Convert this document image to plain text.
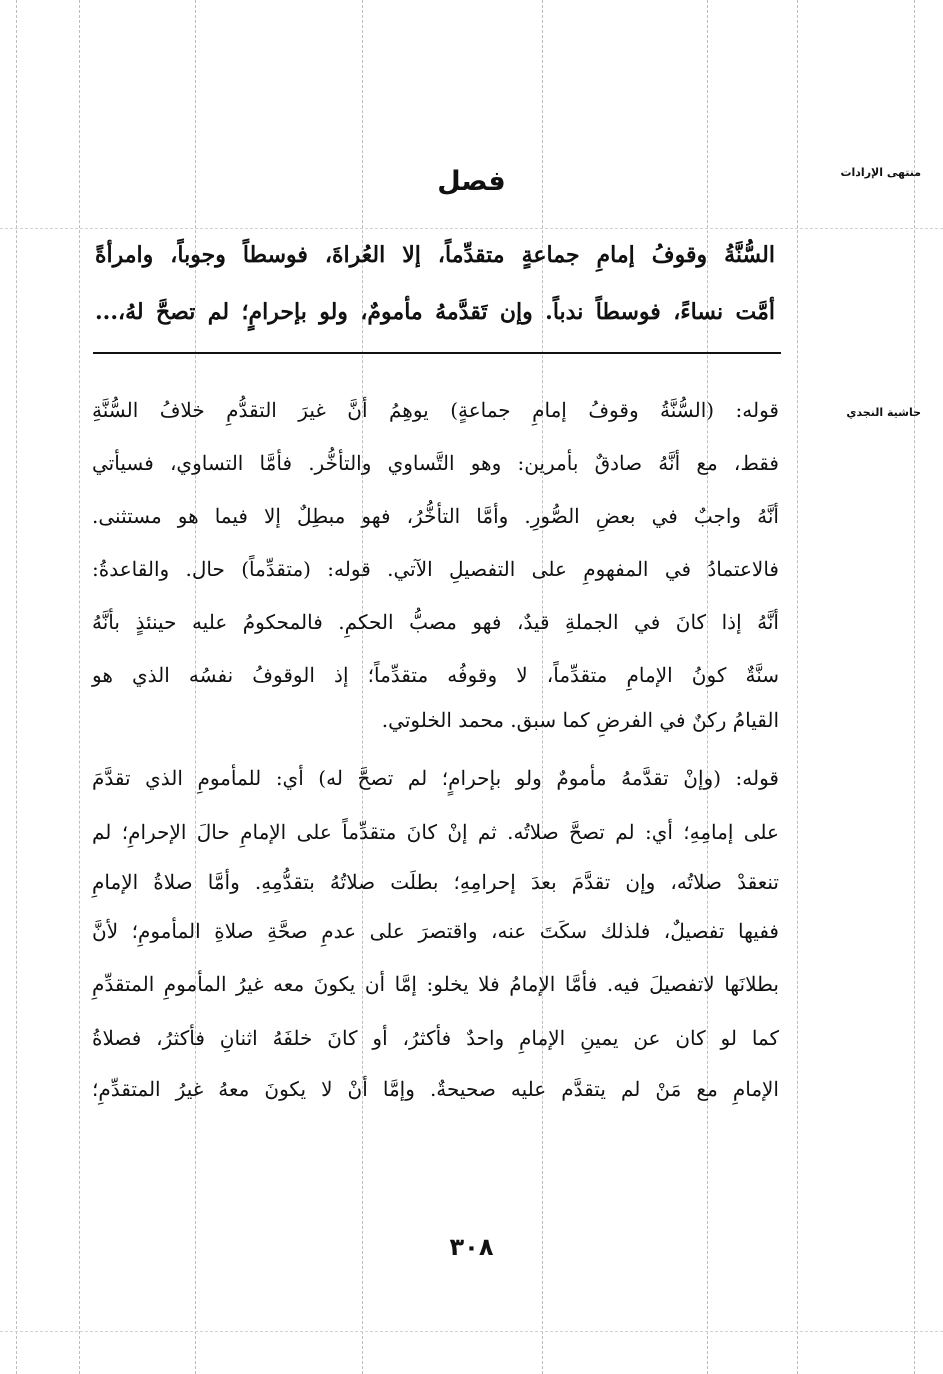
منتهى الإرادات
حاشية النجدي
فصل
السُّنَّةُ وقوفُ إمامِ جماعةٍ متقدِّماً، إلا العُراةَ، فوسطاً وجوباً، وامرأةً
أمَّت نساءً، فوسطاً ندباً. وإن تَقدَّمهُ مأمومٌ، ولو بإحرامٍ؛ لم تصحَّ لهُ،...
قوله: (السُّنَّةُ وقوفُ إمامِ جماعةٍ) يوهِمُ أنَّ غيرَ التقدُّمِ خلافُ السُّنَّةِ
فقط، مع أنَّهُ صادقٌ بأمرين: وهو التَّساوي والتأخُّر. فأمَّا التساوي، فسيأتي
أنَّهُ واجبٌ في بعضِ الصُّورِ. وأمَّا التأخُّرُ، فهو مبطِلٌ إلا فيما هو مستثنى.
فالاعتمادُ في المفهومِ على التفصيلِ الآتي. قوله: (متقدِّماً) حال. والقاعدةُ:
أنَّهُ إذا كانَ في الجملةِ قيدٌ، فهو مصبُّ الحكمِ. فالمحكومُ عليه حينئذٍ بأنَّهُ
سنَّةٌ كونُ الإمامِ متقدِّماً، لا وقوفُه متقدِّماً؛ إذ الوقوفُ نفسُه الذي هو
القيامُ ركنٌ في الفرضِ كما سبق. محمد الخلوتي.
قوله: (وإنْ تقدَّمهُ مأمومٌ ولو بإحرامٍ؛ لم تصحَّ له) أي: للمأمومِ الذي تقدَّمَ
على إمامِهِ؛ أي: لم تصحَّ صلاتُه. ثم إنْ كانَ متقدِّماً على الإمامِ حالَ الإحرامِ؛ لم
تنعقدْ صلاتُه، وإن تقدَّمَ بعدَ إحرامِهِ؛ بطلَت صلاتُهُ بتقدُّمِهِ. وأمَّا صلاةُ الإمامِ
ففيها تفصيلٌ، فلذلك سكَتَ عنه، واقتصرَ على عدمِ صحَّةِ صلاةِ المأمومِ؛ لأنَّ
بطلانَها لاتفصيلَ فيه. فأمَّا الإمامُ فلا يخلو: إمَّا أن يكونَ معه غيرُ المأمومِ المتقدِّمِ
كما لو كان عن يمينِ الإمامِ واحدٌ فأكثرُ، أو كانَ خلفَهُ اثنانِ فأكثرُ، فصلاةُ
الإمامِ مع مَنْ لم يتقدَّم عليه صحيحةٌ. وإمَّا أنْ لا يكونَ معهُ غيرُ المتقدِّمِ؛
٣٠٨
